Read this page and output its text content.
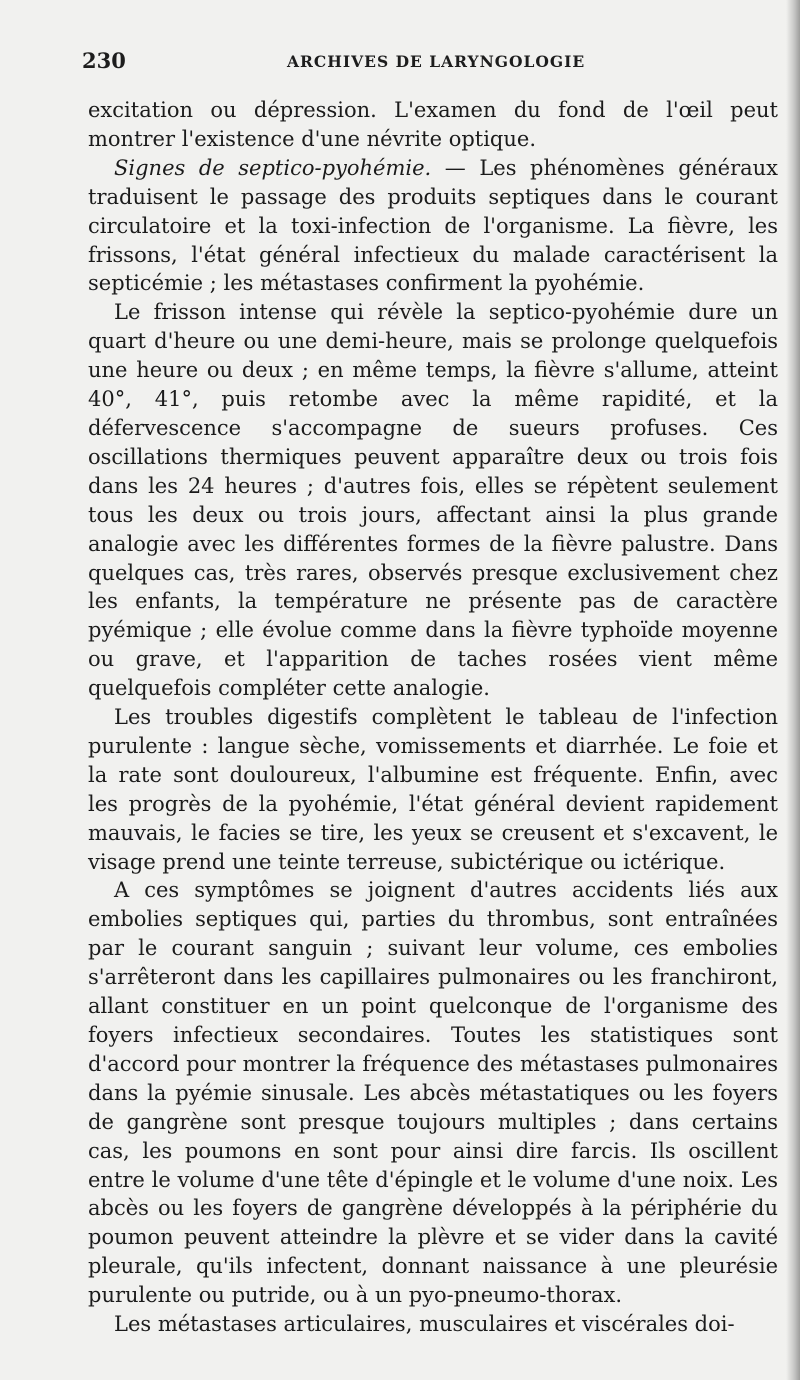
230	ARCHIVES DE LARYNGOLOGIE

excitation ou dépression. L'examen du fond de l'œil peut montrer l'existence d'une névrite optique.

Signes de septico-pyohémie. — Les phénomènes généraux traduisent le passage des produits septiques dans le courant circulatoire et la toxi-infection de l'organisme. La fièvre, les frissons, l'état général infectieux du malade caractérisent la septicémie ; les métastases confirment la pyohémie.

Le frisson intense qui révèle la septico-pyohémie dure un quart d'heure ou une demi-heure, mais se prolonge quelquefois une heure ou deux ; en même temps, la fièvre s'allume, atteint 40°, 41°, puis retombe avec la même rapidité, et la défervescence s'accompagne de sueurs profuses. Ces oscillations thermiques peuvent apparaître deux ou trois fois dans les 24 heures ; d'autres fois, elles se répètent seulement tous les deux ou trois jours, affectant ainsi la plus grande analogie avec les différentes formes de la fièvre palustre. Dans quelques cas, très rares, observés presque exclusivement chez les enfants, la température ne présente pas de caractère pyémique ; elle évolue comme dans la fièvre typhoïde moyenne ou grave, et l'apparition de taches rosées vient même quelquefois compléter cette analogie.

Les troubles digestifs complètent le tableau de l'infection purulente : langue sèche, vomissements et diarrhée. Le foie et la rate sont douloureux, l'albumine est fréquente. Enfin, avec les progrès de la pyohémie, l'état général devient rapidement mauvais, le facies se tire, les yeux se creusent et s'excavent, le visage prend une teinte terreuse, subictérique ou ictérique.

A ces symptômes se joignent d'autres accidents liés aux embolies septiques qui, parties du thrombus, sont entraînées par le courant sanguin ; suivant leur volume, ces embolies s'arrêteront dans les capillaires pulmonaires ou les franchiront, allant constituer en un point quelconque de l'organisme des foyers infectieux secondaires. Toutes les statistiques sont d'accord pour montrer la fréquence des métastases pulmonaires dans la pyémie sinusale. Les abcès métastatiques ou les foyers de gangrène sont presque toujours multiples ; dans certains cas, les poumons en sont pour ainsi dire farcis. Ils oscillent entre le volume d'une tête d'épingle et le volume d'une noix. Les abcès ou les foyers de gangrène développés à la périphérie du poumon peuvent atteindre la plèvre et se vider dans la cavité pleurale, qu'ils infectent, donnant naissance à une pleurésie purulente ou putride, ou à un pyo-pneumo-thorax.

Les métastases articulaires, musculaires et viscérales doi-
